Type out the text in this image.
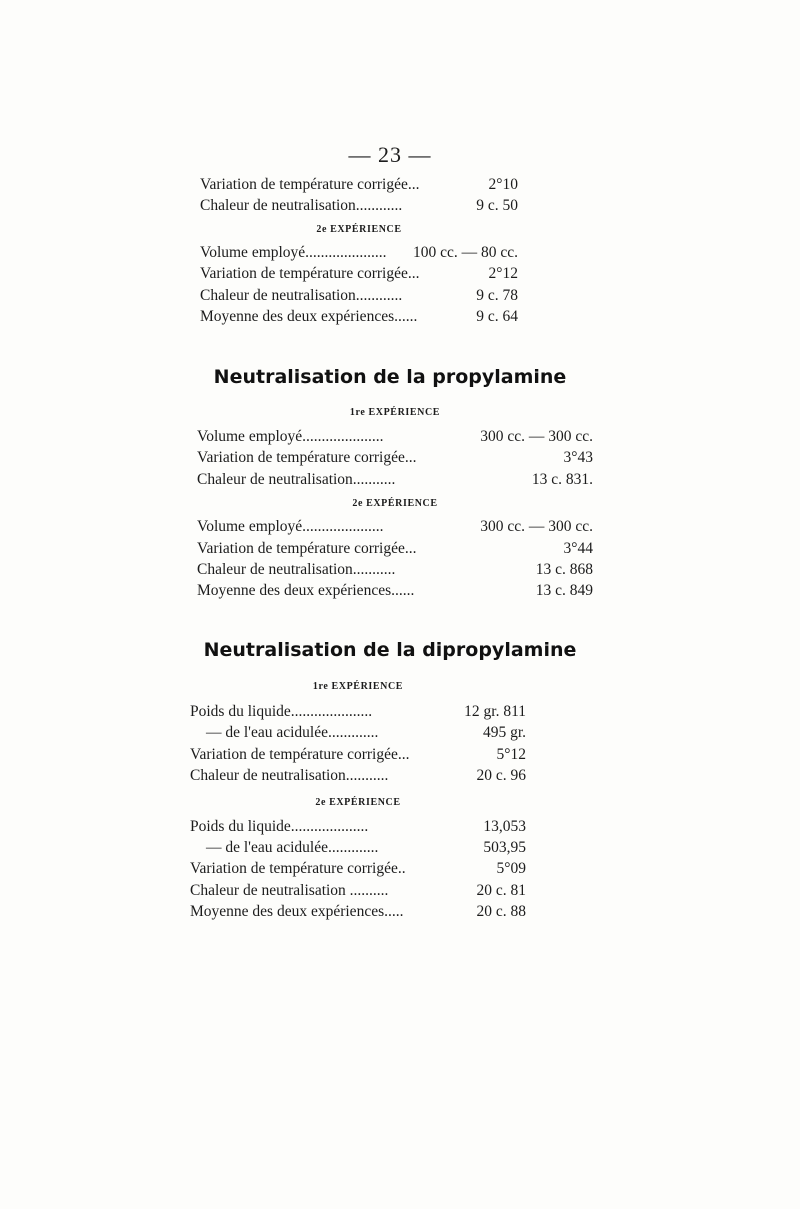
— 23 —
Variation de température corrigée...	2°10
Chaleur de neutralisation............	9 c. 50
2e EXPÉRIENCE
Volume employé.....................	100 cc. — 80 cc.
Variation de température corrigée...	2°12
Chaleur de neutralisation............	9 c. 78
Moyenne des deux expériences......	9 c. 64
Neutralisation de la propylamine
1re EXPÉRIENCE
Volume employé.....................	300 cc. — 300 cc.
Variation de température corrigée...	3°43
Chaleur de neutralisation...........	13 c. 831.
2e EXPÉRIENCE
Volume employé.....................	300 cc. — 300 cc.
Variation de température corrigée...	3°44
Chaleur de neutralisation...........	13 c. 868
Moyenne des deux expériences......	13 c. 849
Neutralisation de la dipropylamine
1re EXPÉRIENCE
Poids du liquide.....................	12 gr. 811
— de l'eau acidulée.............	495 gr.
Variation de température corrigée...	5°12
Chaleur de neutralisation...........	20 c. 96
2e EXPÉRIENCE
Poids du liquide....................	13,053
— de l'eau acidulée.............	503,95
Variation de température corrigée..	5°09
Chaleur de neutralisation ..........	20 c. 81
Moyenne des deux expériences.....	20 c. 88
